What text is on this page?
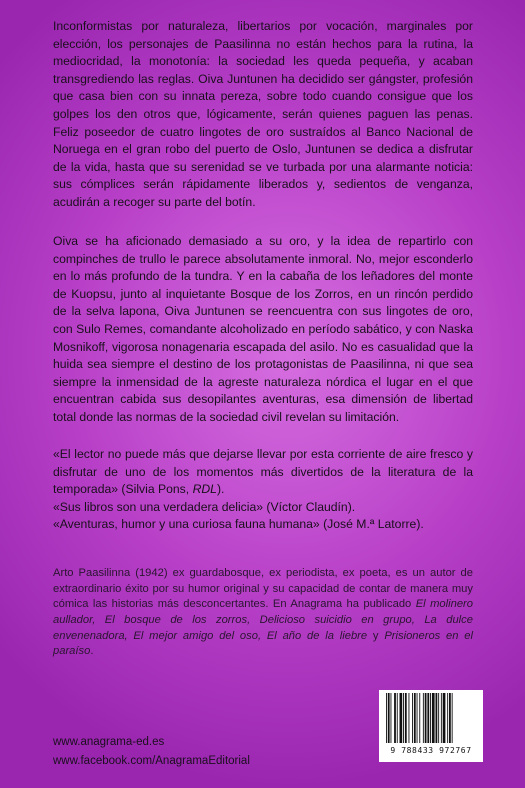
Inconformistas por naturaleza, libertarios por vocación, marginales por elección, los personajes de Paasilinna no están hechos para la rutina, la mediocridad, la monotonía: la sociedad les queda pequeña, y acaban transgrediendo las reglas. Oiva Juntunen ha decidido ser gángster, profesión que casa bien con su innata pereza, sobre todo cuando consigue que los golpes los den otros que, lógicamente, serán quienes paguen las penas. Feliz poseedor de cuatro lingotes de oro sustraídos al Banco Nacional de Noruega en el gran robo del puerto de Oslo, Juntunen se dedica a disfrutar de la vida, hasta que su serenidad se ve turbada por una alarmante noticia: sus cómplices serán rápidamente liberados y, sedientos de venganza, acudirán a recoger su parte del botín.

Oiva se ha aficionado demasiado a su oro, y la idea de repartirlo con compinches de trullo le parece absolutamente inmoral. No, mejor esconderlo en lo más profundo de la tundra. Y en la cabaña de los leñadores del monte de Kuopsu, junto al inquietante Bosque de los Zorros, en un rincón perdido de la selva lapona, Oiva Juntunen se reencuentra con sus lingotes de oro, con Sulo Remes, comandante alcoholizado en período sabático, y con Naska Mosnikoff, vigorosa nonagenaria escapada del asilo. No es casualidad que la huida sea siempre el destino de los protagonistas de Paasilinna, ni que sea siempre la inmensidad de la agreste naturaleza nórdica el lugar en el que encuentran cabida sus desopilantes aventuras, esa dimensión de libertad total donde las normas de la sociedad civil revelan su limitación.

«El lector no puede más que dejarse llevar por esta corriente de aire fresco y disfrutar de uno de los momentos más divertidos de la literatura de la temporada» (Silvia Pons, RDL).

«Sus libros son una verdadera delicia» (Víctor Claudín).

«Aventuras, humor y una curiosa fauna humana» (José M.ª Latorre).

Arto Paasilinna (1942) ex guardabosque, ex periodista, ex poeta, es un autor de extraordinario éxito por su humor original y su capacidad de contar de manera muy cómica las historias más desconcertantes. En Anagrama ha publicado El molinero aullador, El bosque de los zorros, Delicioso suicidio en grupo, La dulce envenenadora, El mejor amigo del oso, El año de la liebre y Prisioneros en el paraíso.

www.anagrama-ed.es
www.facebook.com/AnagramaEditorial
9 788433 972767
